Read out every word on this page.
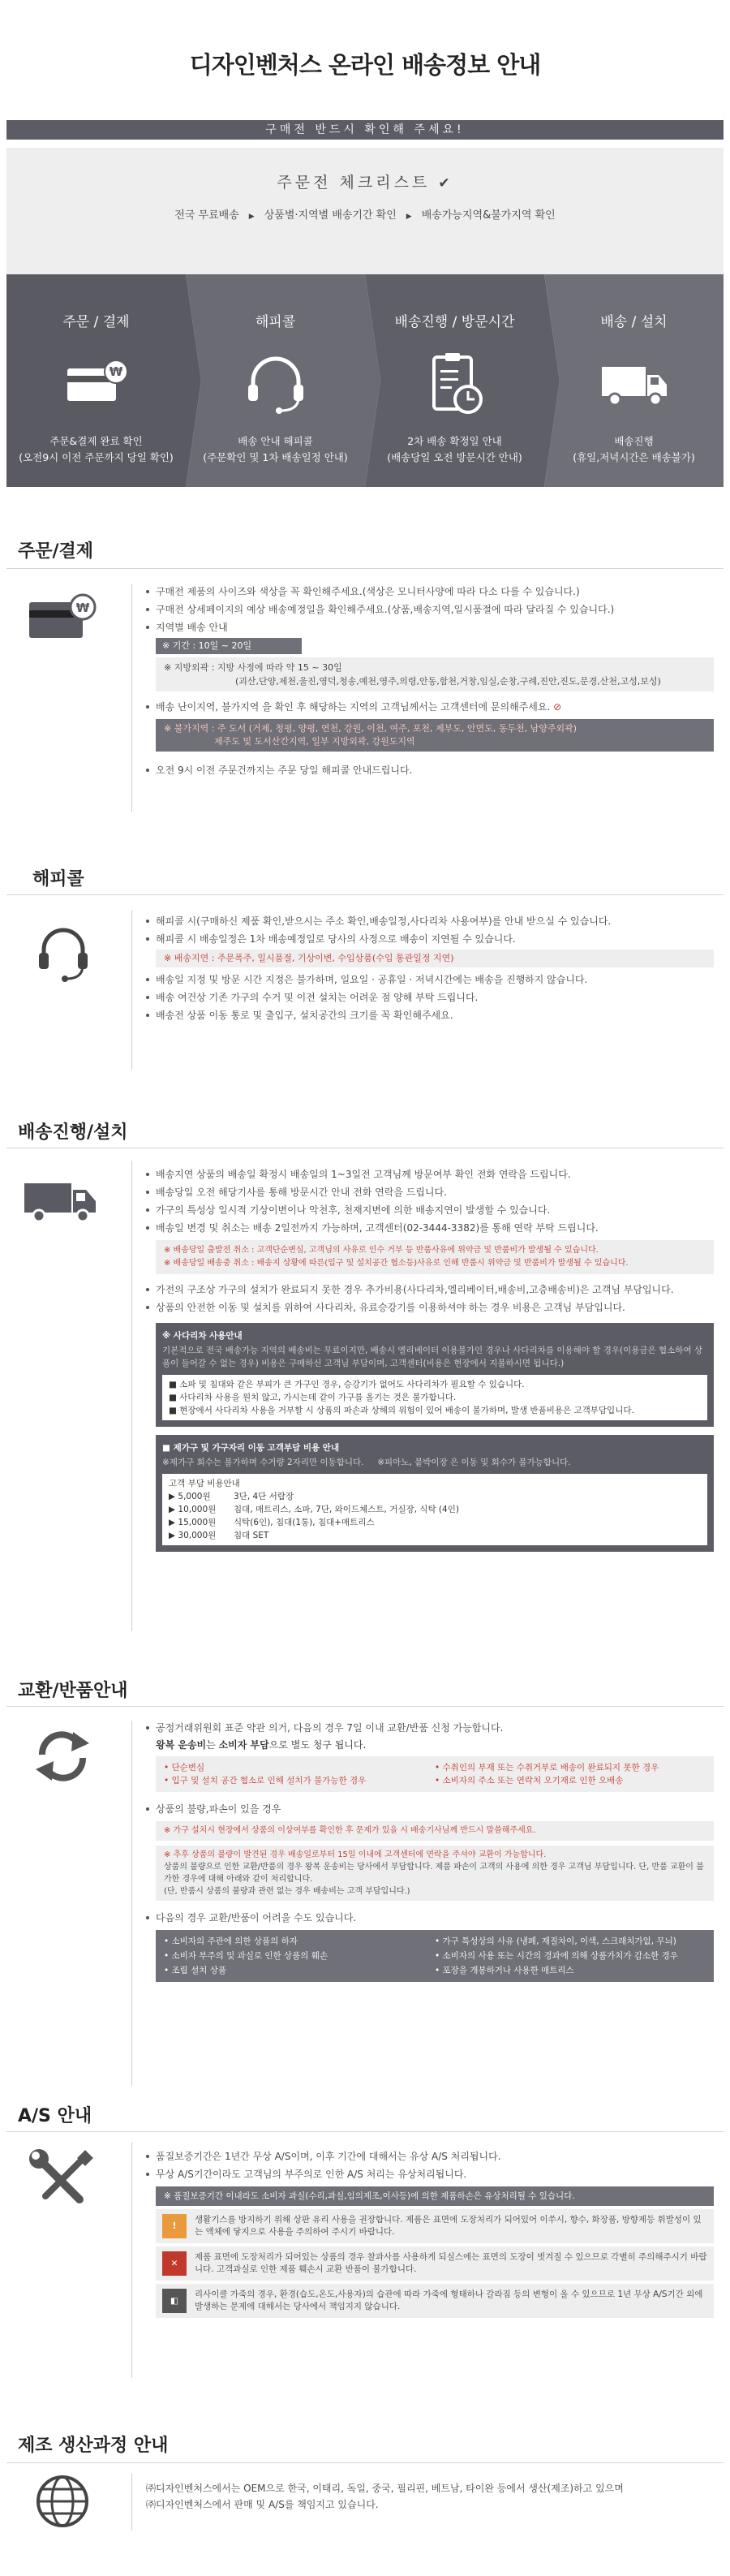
디자인벤처스 온라인 배송정보 안내
구매전 반드시 확인해 주세요!
주문전 체크리스트 ✔
전국 무료배송 ▶ 상품별·지역별 배송기간 확인 ▶ 배송가능지역&불가지역 확인
주문 / 결제
₩
주문&결제 완료 확인
(오전9시 이전 주문까지 당일 확인)
해피콜
배송 안내 해피콜
(주문확인 및 1차 배송일정 안내)
배송진행 / 방문시간
2차 배송 확정일 안내
(배송당일 오전 방문시간 안내)
배송 / 설치
배송진행
(휴일,저녁시간은 배송불가)
주문/결제
₩
구매전 제품의 사이즈와 색상을 꼭 확인해주세요.(색상은 모니터사양에 따라 다소 다를 수 있습니다.)
구매전 상세페이지의 예상 배송예정일을 확인해주세요.(상품,배송지역,일시품절에 따라 달라질 수 있습니다.)
지역별 배송 안내
※ 기간 : 10일 ~ 20일
※ 지방외곽 : 지방 사정에 따라 약 15 ~ 30일
(괴산,단양,제천,울진,영덕,청송,예천,영주,의령,안동,함천,거창,임실,순창,구례,진안,진도,문경,산천,고성,보성)
배송 난이지역, 불가지역 을 확인 후 해당하는 지역의 고객님께서는 고객센터에 문의해주세요. ⊘
※ 불가지역 : 주 도서 (거제, 청평, 양평, 연천, 강원, 이천, 여주, 포천, 제부도, 안면도, 동두천, 남양주외곽)
제주도 및 도서산간지역, 일부 지방외곽, 강원도지역
오전 9시 이전 주문건까지는 주문 당일 해피콜 안내드립니다.
해피콜
해피콜 시(구매하신 제품 확인,받으시는 주소 확인,배송일정,사다리차 사용여부)를 안내 받으실 수 있습니다.
해피콜 시 배송일정은 1차 배송예정일로 당사의 사정으로 배송이 지연될 수 있습니다.
※ 배송지연 : 주문폭주, 일시품절, 기상이변, 수입상품(수입 통관일정 지연)
배송일 지정 및 방문 시간 지정은 불가하며, 일요일 · 공휴일 · 저녁시간에는 배송을 진행하지 않습니다.
배송 여건상 기존 가구의 수거 및 이전 설치는 어려운 점 양해 부탁 드립니다.
배송전 상품 이동 통로 및 출입구, 설치공간의 크기를 꼭 확인해주세요.
배송진행/설치
배송지연 상품의 배송일 확정시 배송일의 1~3일전 고객님께 방문여부 확인 전화 연락을 드립니다.
배송당일 오전 해당기사를 통해 방문시간 안내 전화 연락을 드립니다.
가구의 특성상 일시적 기상이변이나 악천후, 천재지변에 의한 배송지연이 발생할 수 있습니다.
배송일 변경 및 취소는 배송 2일전까지 가능하며, 고객센터(02-3444-3382)를 통해 연락 부탁 드립니다.
※ 배송당일 출발전 취소 : 고객단순변심, 고객님의 사유로 인수 거부 등 반품사유에 위약금 및 반품비가 발생될 수 있습니다.
※ 배송당일 배송중 취소 : 배송지 상황에 따른(입구 및 설치공간 협소등)사유로 인해 반품시 위약금 및 반품비가 발생될 수 있습니다.
가전의 구조상 가구의 설치가 완료되지 못한 경우 추가비용(사다리차,엘리베이터,배송비,고층배송비)은 고객님 부담입니다.
상품의 안전한 이동 및 설치를 위하여 사다리차, 유료승강기를 이용하셔야 하는 경우 비용은 고객님 부담입니다.
※ 사다리차 사용안내
기본적으로 전국 배송가능 지역의 배송비는 무료이지만, 배송시 엘리베이터 이용불가인 경우나 사다리차를 이용해야 할 경우(이용금은 협소하여 상품이 들어갈 수 없는 경우) 비용은 구매하신 고객님 부담이며, 고객센터(비용은 현장에서 지불하시면 됩니다.)
■ 소파 및 침대와 같은 부피가 큰 가구인 경우, 승강기가 없어도 사다리차가 필요할 수 있습니다.
■ 사다리차 사용을 원치 않고, 가시는데 같이 가구를 올기는 것은 불가합니다.
■ 현장에서 사다리차 사용을 거부할 시 상품의 파손과 상해의 위험이 있어 배송이 불가하며, 발생 반품비용은 고객부담입니다.
■ 제가구 및 가구자리 이동 고객부담 비용 안내
※제가구 회수는 불가하며 수거량 2자리만 이동합니다. ※피아노, 붙박이장 은 이동 및 회수가 불가능합니다.
고객 부담 비용안내
▶ 5,000원	3단, 4단 서랍장
▶ 10,000원 침대, 매트리스, 소파, 7단, 와이드체스트, 거실장, 식탁 (4인)
▶ 15,000원 식탁(6인), 침대(1통), 침대+매트리스
▶ 30,000원 침대 SET
교환/반품안내
공정거래위원회 표준 약관 의거, 다음의 경우 7일 이내 교환/반품 신청 가능합니다.
왕복 운송비는 소비자 부담으로 별도 청구 됩니다.
• 단순변심	• 수취인의 부재 또는 수취거부로 배송이 완료되지 못한 경우
• 입구 및 설치 공간 협소로 인해 설치가 불가능한 경우	• 소비자의 주소 또는 연락처 오기재로 인한 오배송
상품의 불량,파손이 있을 경우
※ 가구 설치시 현장에서 상품의 이상여부를 확인한 후 문제가 있을 시 배송기사님께 반드시 말씀해주세요.
※ 추후 상품의 불량이 발견된 경우 배송일로부터 15일 이내에 고객센터에 연락을 주셔야 교환이 가능합니다.
상품의 불량으로 인한 교환/반품의 경우 왕복 운송비는 당사에서 부담합니다. 제품 파손이 고객의 사용에 의한 경우 고객님 부담입니다. 단, 반품 교환이 불가한 경우에 대해 아래와 같이 처리합니다.
(단, 반품시 상품의 불량과 관련 없는 경우 배송비는 고객 부담입니다.)
다음의 경우 교환/반품이 어려울 수도 있습니다.
• 소비자의 주관에 의한 상품의 하자	• 가구 특성상의 사유 (냉폐, 재질차이, 이색, 스크래치가없, 무늬)
• 소비자 부주의 및 과실로 인한 상품의 훼손	• 소비자의 사용 또는 시간의 경과에 의해 상품가치가 감소한 경우
• 조립 설치 상품	• 포장을 개봉하거나 사용한 매트리스
A/S 안내
품질보증기간은 1년간 무상 A/S이며, 이후 기간에 대해서는 유상 A/S 처리됩니다.
무상 A/S기간이라도 고객님의 부주의로 인한 A/S 처리는 유상처리됩니다.
※ 품질보증기간 이내라도 소비자 과실(수리,과실,임의제조,이사등)에 의한 제품하손은 유상처리될 수 있습니다.
!
생활기스를 방지하기 위해 상판 유리 사용을 권장합니다. 제품은 표면에 도장처리가 되어있어 이쑤시, 향수, 화장품, 방향제등 휘발성이 있는 액체에 닿지으로 사용을 주의하여 주시기 바랍니다.
✕
제품 표면에 도장처리가 되어있는 상품의 경우 찰과사를 사용하게 되실스에는 표면의 도장이 벗겨질 수 있으므로 각별히 주의해주시기 바랍니다. 고객과실로 인한 제품 훼손시 교환 반품이 불가합니다.
◧
리사이클 가죽의 경우, 환경(습도,온도,사용자)의 습관에 따라 가죽에 형태하나 갈라짐 등의 변형이 올 수 있으므로 1년 무상 A/S기간 외에 발생하는 문제에 대해서는 당사에서 책임지지 않습니다.
제조 생산과정 안내
㈜디자인벤처스에서는 OEM으로 한국, 이태리, 독일, 중국, 필리핀, 베트남, 타이완 등에서 생산(제조)하고 있으며
㈜디자인벤처스에서 판매 및 A/S를 책임지고 있습니다.
